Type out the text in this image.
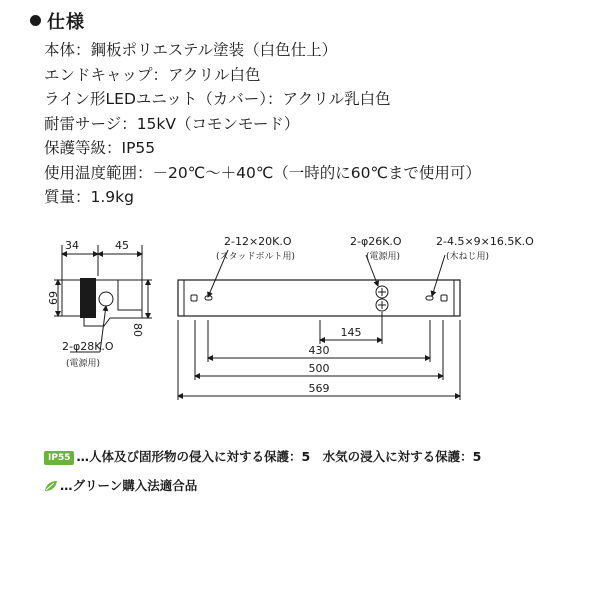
仕様
本体：鋼板ポリエステル塗装（白色仕上）
エンドキャップ：アクリル白色
ライン形LEDユニット（カバー）：アクリル乳白色
耐雷サージ：15kV（コモンモード）
保護等級：IP55
使用温度範囲：－20℃～＋40℃（一時的に60℃まで使用可）
質量：1.9kg
34	45
69
80
2-φ28K.O
(電源用)
2-12×20K.O
(スタッドボルト用)
2-φ26K.O
(電源用)
2-4.5×9×16.5K.O
(木ねじ用)
145
430
500
569
IP55 …人体及び固形物の侵入に対する保護：5　水気の浸入に対する保護：5
…グリーン購入法適合品
